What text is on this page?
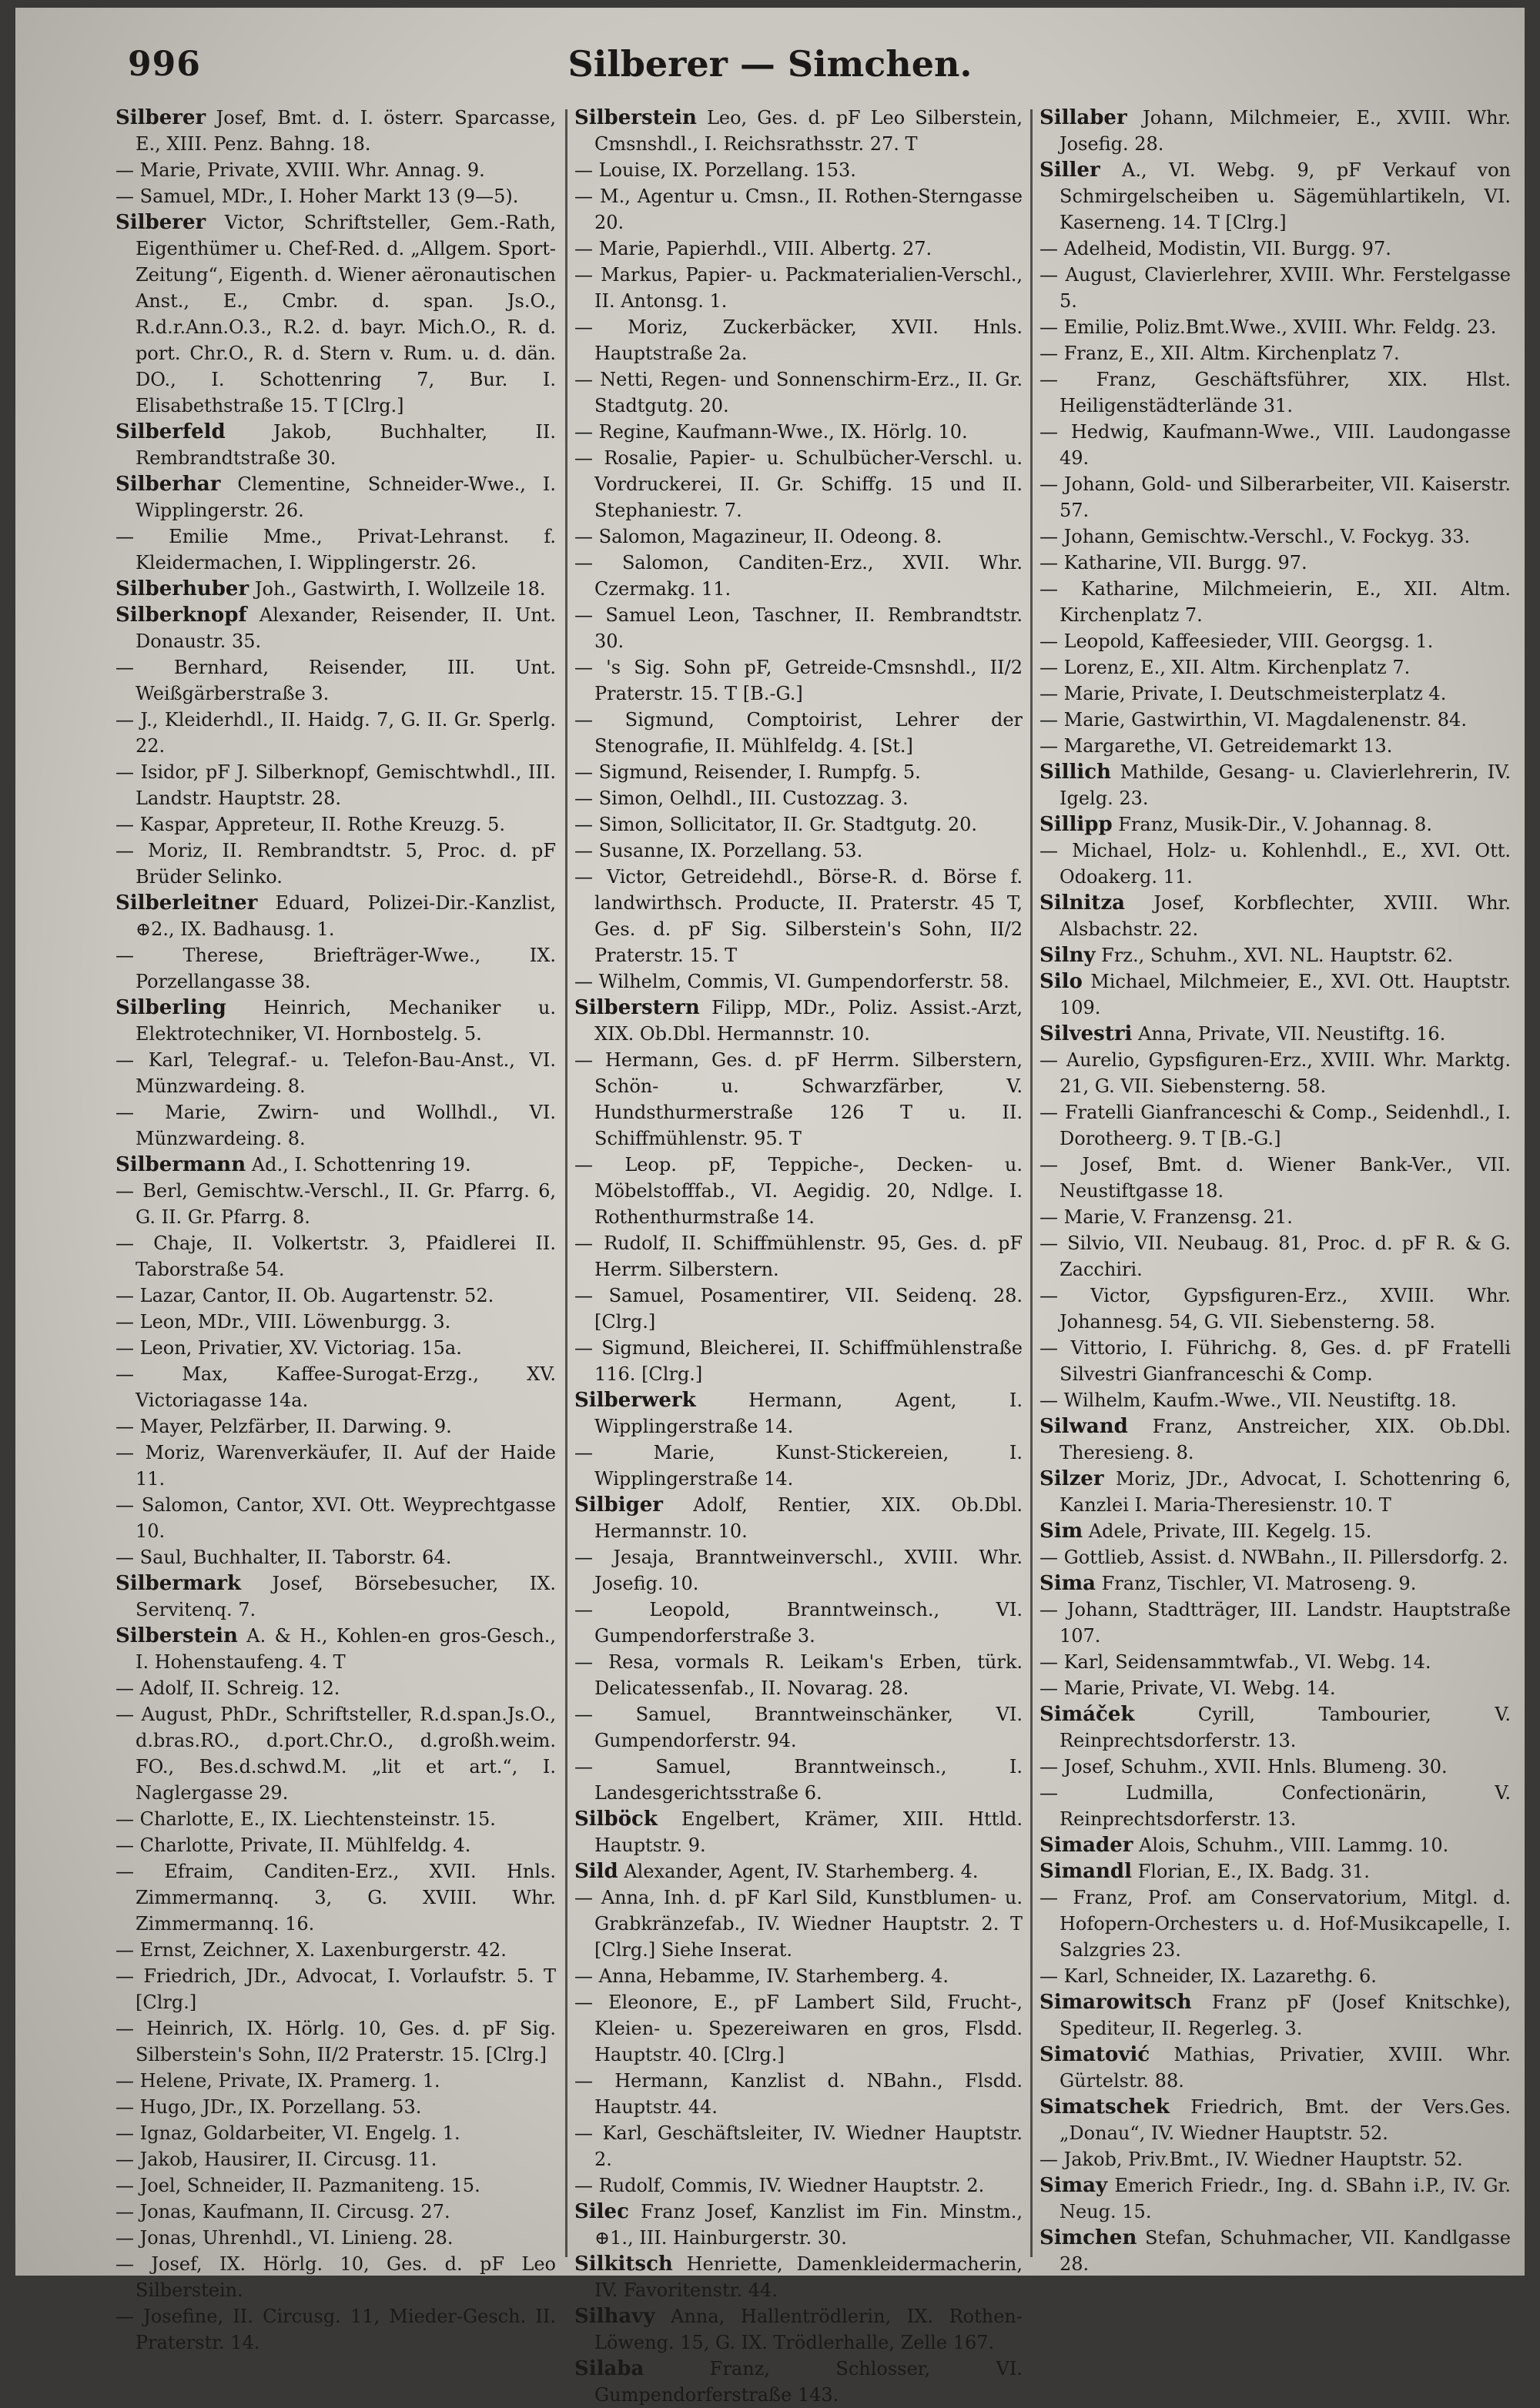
996	Silberer — Simchen.

Silberer Josef, Bmt. d. I. österr. Sparcasse, E., XIII. Penz. Bahng. 18.

— Marie, Private, XVIII. Whr. Annag. 9.

— Samuel, MDr., I. Hoher Markt 13 (9—5).

Silberer Victor, Schriftsteller, Gem.-Rath, Eigenthümer u. Chef-Red. d. „Allgem. Sport-Zeitung“, Eigenth. d. Wiener aëronautischen Anst., E., Cmbr. d. span. Js.O., R.d.r.Ann.O.3., R.2. d. bayr. Mich.O., R. d. port. Chr.O., R. d. Stern v. Rum. u. d. dän. DO., I. Schottenring 7, Bur. I. Elisabethstraße 15. T [Clrg.]

Silberfeld Jakob, Buchhalter, II. Rembrandtstraße 30.

Silberhar Clementine, Schneider-Wwe., I. Wipplingerstr. 26.

— Emilie Mme., Privat-Lehranst. f. Kleidermachen, I. Wipplingerstr. 26.

Silberhuber Joh., Gastwirth, I. Wollzeile 18.

Silberknopf Alexander, Reisender, II. Unt. Donaustr. 35.

— Bernhard, Reisender, III. Unt. Weißgärberstraße 3.

— J., Kleiderhdl., II. Haidg. 7, G. II. Gr. Sperlg. 22.

— Isidor, pF J. Silberknopf, Gemischtwhdl., III. Landstr. Hauptstr. 28.

— Kaspar, Appreteur, II. Rothe Kreuzg. 5.

— Moriz, II. Rembrandtstr. 5, Proc. d. pF Brüder Selinko.

Silberleitner Eduard, Polizei-Dir.-Kanzlist, ⊕2., IX. Badhausg. 1.

— Therese, Briefträger-Wwe., IX. Porzellangasse 38.

Silberling Heinrich, Mechaniker u. Elektrotechniker, VI. Hornbostelg. 5.

— Karl, Telegraf.- u. Telefon-Bau-Anst., VI. Münzwardeing. 8.

— Marie, Zwirn- und Wollhdl., VI. Münzwardeing. 8.

Silbermann Ad., I. Schottenring 19.

— Berl, Gemischtw.-Verschl., II. Gr. Pfarrg. 6, G. II. Gr. Pfarrg. 8.

— Chaje, II. Volkertstr. 3, Pfaidlerei II. Taborstraße 54.

— Lazar, Cantor, II. Ob. Augartenstr. 52.

— Leon, MDr., VIII. Löwenburgg. 3.

— Leon, Privatier, XV. Victoriag. 15a.

— Max, Kaffee-Surogat-Erzg., XV. Victoriagasse 14a.

— Mayer, Pelzfärber, II. Darwing. 9.

— Moriz, Warenverkäufer, II. Auf der Haide 11.

— Salomon, Cantor, XVI. Ott. Weyprechtgasse 10.

— Saul, Buchhalter, II. Taborstr. 64.

Silbermark Josef, Börsebesucher, IX. Servitenq. 7.

Silberstein A. & H., Kohlen-en gros-Gesch., I. Hohenstaufeng. 4. T

— Adolf, II. Schreig. 12.

— August, PhDr., Schriftsteller, R.d.span.Js.O., d.bras.RO., d.port.Chr.O., d.großh.weim. FO., Bes.d.schwd.M. „lit et art.“, I. Naglergasse 29.

— Charlotte, E., IX. Liechtensteinstr. 15.

— Charlotte, Private, II. Mühlfeldg. 4.

— Efraim, Canditen-Erz., XVII. Hnls. Zimmermannq. 3, G. XVIII. Whr. Zimmermannq. 16.

— Ernst, Zeichner, X. Laxenburgerstr. 42.

— Friedrich, JDr., Advocat, I. Vorlaufstr. 5. T [Clrg.]

— Heinrich, IX. Hörlg. 10, Ges. d. pF Sig. Silberstein's Sohn, II/2 Praterstr. 15. [Clrg.]

— Helene, Private, IX. Pramerg. 1.

— Hugo, JDr., IX. Porzellang. 53.

— Ignaz, Goldarbeiter, VI. Engelg. 1.

— Jakob, Hausirer, II. Circusg. 11.

— Joel, Schneider, II. Pazmaniteng. 15.

— Jonas, Kaufmann, II. Circusg. 27.

— Jonas, Uhrenhdl., VI. Linieng. 28.

— Josef, IX. Hörlg. 10, Ges. d. pF Leo Silberstein.

— Josefine, II. Circusg. 11, Mieder-Gesch. II. Praterstr. 14.

Silberstein Leo, Ges. d. pF Leo Silberstein, Cmsnshdl., I. Reichsrathsstr. 27. T

— Louise, IX. Porzellang. 153.

— M., Agentur u. Cmsn., II. Rothen-Sterngasse 20.

— Marie, Papierhdl., VIII. Albertg. 27.

— Markus, Papier- u. Packmaterialien-Verschl., II. Antonsg. 1.

— Moriz, Zuckerbäcker, XVII. Hnls. Hauptstraße 2a.

— Netti, Regen- und Sonnenschirm-Erz., II. Gr. Stadtgutg. 20.

— Regine, Kaufmann-Wwe., IX. Hörlg. 10.

— Rosalie, Papier- u. Schulbücher-Verschl. u. Vordruckerei, II. Gr. Schiffg. 15 und II. Stephaniestr. 7.

— Salomon, Magazineur, II. Odeong. 8.

— Salomon, Canditen-Erz., XVII. Whr. Czermakg. 11.

— Samuel Leon, Taschner, II. Rembrandtstr. 30.

— 's Sig. Sohn pF, Getreide-Cmsnshdl., II/2 Praterstr. 15. T [B.-G.]

— Sigmund, Comptoirist, Lehrer der Stenografie, II. Mühlfeldg. 4. [St.]

— Sigmund, Reisender, I. Rumpfg. 5.

— Simon, Oelhdl., III. Custozzag. 3.

— Simon, Sollicitator, II. Gr. Stadtgutg. 20.

— Susanne, IX. Porzellang. 53.

— Victor, Getreidehdl., Börse-R. d. Börse f. landwirthsch. Producte, II. Praterstr. 45 T, Ges. d. pF Sig. Silberstein's Sohn, II/2 Praterstr. 15. T

— Wilhelm, Commis, VI. Gumpendorferstr. 58.

Silberstern Filipp, MDr., Poliz. Assist.-Arzt, XIX. Ob.Dbl. Hermannstr. 10.

— Hermann, Ges. d. pF Herrm. Silberstern, Schön- u. Schwarzfärber, V. Hundsthurmerstraße 126 T u. II. Schiffmühlenstr. 95. T

— Leop. pF, Teppiche-, Decken- u. Möbelstofffab., VI. Aegidig. 20, Ndlge. I. Rothenthurmstraße 14.

— Rudolf, II. Schiffmühlenstr. 95, Ges. d. pF Herrm. Silberstern.

— Samuel, Posamentirer, VII. Seidenq. 28. [Clrg.]

— Sigmund, Bleicherei, II. Schiffmühlenstraße 116. [Clrg.]

Silberwerk Hermann, Agent, I. Wipplingerstraße 14.

— Marie, Kunst-Stickereien, I. Wipplingerstraße 14.

Silbiger Adolf, Rentier, XIX. Ob.Dbl. Hermannstr. 10.

— Jesaja, Branntweinverschl., XVIII. Whr. Josefig. 10.

— Leopold, Branntweinsch., VI. Gumpendorferstraße 3.

— Resa, vormals R. Leikam's Erben, türk. Delicatessenfab., II. Novarag. 28.

— Samuel, Branntweinschänker, VI. Gumpendorferstr. 94.

— Samuel, Branntweinsch., I. Landesgerichtsstraße 6.

Silböck Engelbert, Krämer, XIII. Httld. Hauptstr. 9.

Sild Alexander, Agent, IV. Starhemberg. 4.

— Anna, Inh. d. pF Karl Sild, Kunstblumen- u. Grabkränzefab., IV. Wiedner Hauptstr. 2. T [Clrg.] Siehe Inserat.

— Anna, Hebamme, IV. Starhemberg. 4.

— Eleonore, E., pF Lambert Sild, Frucht-, Kleien- u. Spezereiwaren en gros, Flsdd. Hauptstr. 40. [Clrg.]

— Hermann, Kanzlist d. NBahn., Flsdd. Hauptstr. 44.

— Karl, Geschäftsleiter, IV. Wiedner Hauptstr. 2.

— Rudolf, Commis, IV. Wiedner Hauptstr. 2.

Silec Franz Josef, Kanzlist im Fin. Minstm., ⊕1., III. Hainburgerstr. 30.

Silkitsch Henriette, Damenkleidermacherin, IV. Favoritenstr. 44.

Silhavy Anna, Hallentrödlerin, IX. Rothen-Löweng. 15, G. IX. Trödlerhalle, Zelle 167.

Silaba Franz, Schlosser, VI. Gumpendorferstraße 143.

Sillaber Johann, Milchmeier, E., XVIII. Whr. Josefig. 28.

Siller A., VI. Webg. 9, pF Verkauf von Schmirgelscheiben u. Sägemühlartikeln, VI. Kaserneng. 14. T [Clrg.]

— Adelheid, Modistin, VII. Burgg. 97.

— August, Clavierlehrer, XVIII. Whr. Ferstelgasse 5.

— Emilie, Poliz.Bmt.Wwe., XVIII. Whr. Feldg. 23.

— Franz, E., XII. Altm. Kirchenplatz 7.

— Franz, Geschäftsführer, XIX. Hlst. Heiligenstädterlände 31.

— Hedwig, Kaufmann-Wwe., VIII. Laudongasse 49.

— Johann, Gold- und Silberarbeiter, VII. Kaiserstr. 57.

— Johann, Gemischtw.-Verschl., V. Fockyg. 33.

— Katharine, VII. Burgg. 97.

— Katharine, Milchmeierin, E., XII. Altm. Kirchenplatz 7.

— Leopold, Kaffeesieder, VIII. Georgsg. 1.

— Lorenz, E., XII. Altm. Kirchenplatz 7.

— Marie, Private, I. Deutschmeisterplatz 4.

— Marie, Gastwirthin, VI. Magdalenenstr. 84.

— Margarethe, VI. Getreidemarkt 13.

Sillich Mathilde, Gesang- u. Clavierlehrerin, IV. Igelg. 23.

Sillipp Franz, Musik-Dir., V. Johannag. 8.

— Michael, Holz- u. Kohlenhdl., E., XVI. Ott. Odoakerg. 11.

Silnitza Josef, Korbflechter, XVIII. Whr. Alsbachstr. 22.

Silny Frz., Schuhm., XVI. NL. Hauptstr. 62.

Silo Michael, Milchmeier, E., XVI. Ott. Hauptstr. 109.

Silvestri Anna, Private, VII. Neustiftg. 16.

— Aurelio, Gypsfiguren-Erz., XVIII. Whr. Marktg. 21, G. VII. Siebensterng. 58.

— Fratelli Gianfranceschi & Comp., Seidenhdl., I. Dorotheerg. 9. T [B.-G.]

— Josef, Bmt. d. Wiener Bank-Ver., VII. Neustiftgasse 18.

— Marie, V. Franzensg. 21.

— Silvio, VII. Neubaug. 81, Proc. d. pF R. & G. Zacchiri.

— Victor, Gypsfiguren-Erz., XVIII. Whr. Johannesg. 54, G. VII. Siebensterng. 58.

— Vittorio, I. Führichg. 8, Ges. d. pF Fratelli Silvestri Gianfranceschi & Comp.

— Wilhelm, Kaufm.-Wwe., VII. Neustiftg. 18.

Silwand Franz, Anstreicher, XIX. Ob.Dbl. Theresieng. 8.

Silzer Moriz, JDr., Advocat, I. Schottenring 6, Kanzlei I. Maria-Theresienstr. 10. T

Sim Adele, Private, III. Kegelg. 15.

— Gottlieb, Assist. d. NWBahn., II. Pillersdorfg. 2.

Sima Franz, Tischler, VI. Matroseng. 9.

— Johann, Stadtträger, III. Landstr. Hauptstraße 107.

— Karl, Seidensammtwfab., VI. Webg. 14.

— Marie, Private, VI. Webg. 14.

Simáček Cyrill, Tambourier, V. Reinprechtsdorferstr. 13.

— Josef, Schuhm., XVII. Hnls. Blumeng. 30.

— Ludmilla, Confectionärin, V. Reinprechtsdorferstr. 13.

Simader Alois, Schuhm., VIII. Lammg. 10.

Simandl Florian, E., IX. Badg. 31.

— Franz, Prof. am Conservatorium, Mitgl. d. Hofopern-Orchesters u. d. Hof-Musikcapelle, I. Salzgries 23.

— Karl, Schneider, IX. Lazarethg. 6.

Simarowitsch Franz pF (Josef Knitschke), Spediteur, II. Regerleg. 3.

Simatović Mathias, Privatier, XVIII. Whr. Gürtelstr. 88.

Simatschek Friedrich, Bmt. der Vers.Ges. „Donau“, IV. Wiedner Hauptstr. 52.

— Jakob, Priv.Bmt., IV. Wiedner Hauptstr. 52.

Simay Emerich Friedr., Ing. d. SBahn i.P., IV. Gr. Neug. 15.

Simchen Stefan, Schuhmacher, VII. Kandlgasse 28.
